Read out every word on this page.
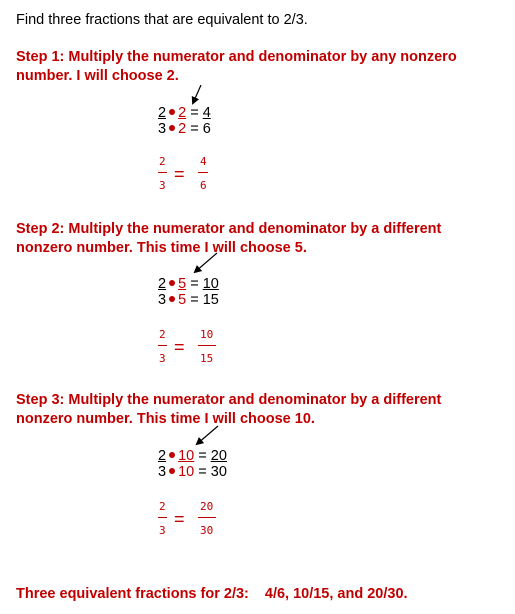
Find three fractions that are equivalent to 2/3.
Step 1: Multiply the numerator and denominator by any nonzero
number. I will choose 2.
2 2 = 4
3 2 = 6
2
3
=
4
6
Step 2: Multiply the numerator and denominator by a different
nonzero number. This time I will choose 5.
2 5 = 10
3 5 = 15
2
3
=
10
15
Step 3: Multiply the numerator and denominator by a different
nonzero number. This time I will choose 10.
2 10 = 20
3 10 = 30
2
3
=
20
30
Three equivalent fractions for 2/3: 4/6, 10/15, and 20/30.
